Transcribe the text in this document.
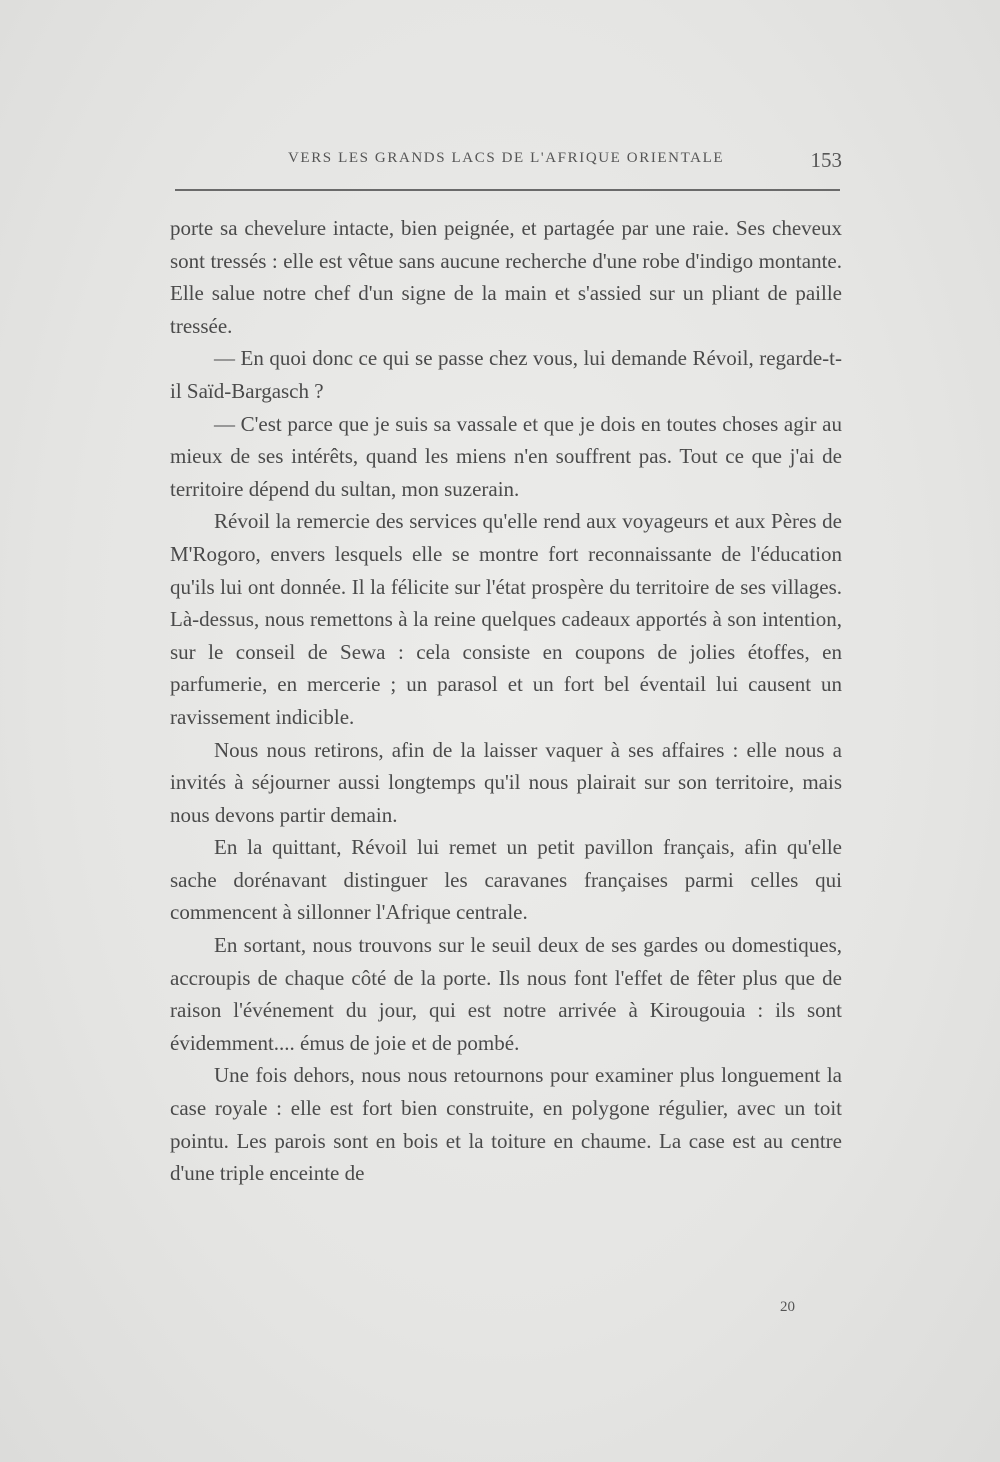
VERS LES GRANDS LACS DE L'AFRIQUE ORIENTALE	153

porte sa chevelure intacte, bien peignée, et partagée par une raie. Ses cheveux sont tressés : elle est vêtue sans aucune recherche d'une robe d'indigo montante. Elle salue notre chef d'un signe de la main et s'assied sur un pliant de paille tressée.

— En quoi donc ce qui se passe chez vous, lui demande Révoil, regarde-t-il Saïd-Bargasch ?

— C'est parce que je suis sa vassale et que je dois en toutes choses agir au mieux de ses intérêts, quand les miens n'en souffrent pas. Tout ce que j'ai de territoire dépend du sultan, mon suzerain.

Révoil la remercie des services qu'elle rend aux voyageurs et aux Pères de M'Rogoro, envers lesquels elle se montre fort reconnaissante de l'éducation qu'ils lui ont donnée. Il la félicite sur l'état prospère du territoire de ses villages. Là-dessus, nous remettons à la reine quelques cadeaux apportés à son intention, sur le conseil de Sewa : cela consiste en coupons de jolies étoffes, en parfumerie, en mercerie ; un parasol et un fort bel éventail lui causent un ravissement indicible.

Nous nous retirons, afin de la laisser vaquer à ses affaires : elle nous a invités à séjourner aussi longtemps qu'il nous plairait sur son territoire, mais nous devons partir demain.

En la quittant, Révoil lui remet un petit pavillon français, afin qu'elle sache dorénavant distinguer les caravanes françaises parmi celles qui commencent à sillonner l'Afrique centrale.

En sortant, nous trouvons sur le seuil deux de ses gardes ou domestiques, accroupis de chaque côté de la porte. Ils nous font l'effet de fêter plus que de raison l'événement du jour, qui est notre arrivée à Kirougouia : ils sont évidemment.... émus de joie et de pombé.

Une fois dehors, nous nous retournons pour examiner plus longuement la case royale : elle est fort bien construite, en polygone régulier, avec un toit pointu. Les parois sont en bois et la toiture en chaume. La case est au centre d'une triple enceinte de

20
